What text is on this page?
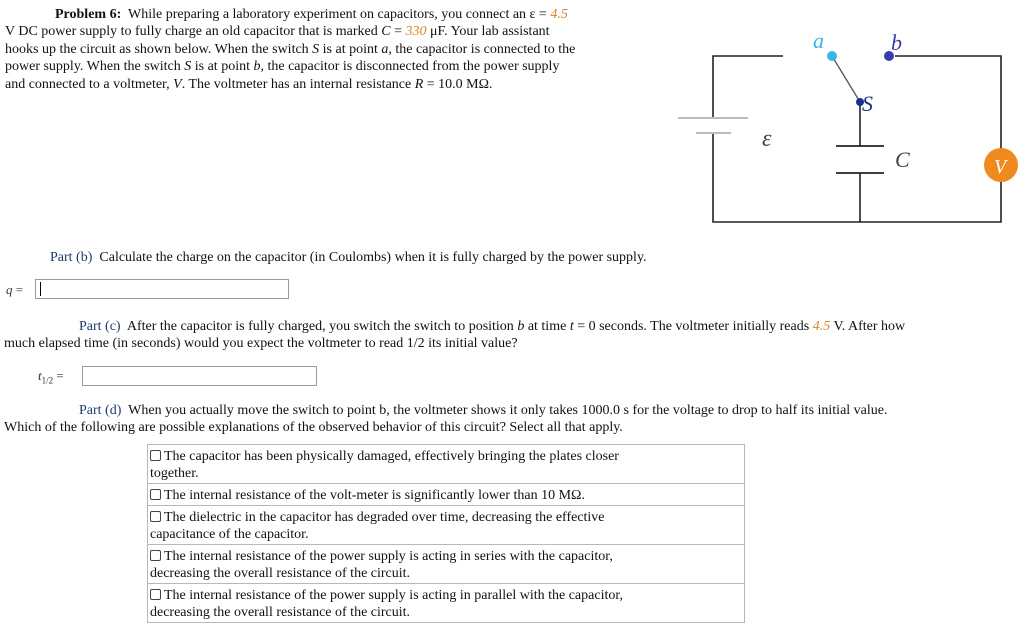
Problem 6: While preparing a laboratory experiment on capacitors, you connect an ε = 4.5
V DC power supply to fully charge an old capacitor that is marked C = 330 μF. Your lab assistant
hooks up the circuit as shown below. When the switch S is at point a, the capacitor is connected to the
power supply. When the switch S is at point b, the capacitor is disconnected from the power supply
and connected to a voltmeter, V. The voltmeter has an internal resistance R = 10.0 MΩ.
a	b
S
ε
C	V
Part (b) Calculate the charge on the capacitor (in Coulombs) when it is fully charged by the power supply.
q =
Part (c) After the capacitor is fully charged, you switch the switch to position b at time t = 0 seconds. The voltmeter initially reads 4.5 V. After how
much elapsed time (in seconds) would you expect the voltmeter to read 1/2 its initial value?
$t_{1/2}$ =
Part (d) When you actually move the switch to point b, the voltmeter shows it only takes 1000.0 s for the voltage to drop to half its initial value.
Which of the following are possible explanations of the observed behavior of this circuit? Select all that apply.
The capacitor has been physically damaged, effectively bringing the plates closer
together.
The internal resistance of the volt-meter is significantly lower than 10 MΩ.
The dielectric in the capacitor has degraded over time, decreasing the effective
capacitance of the capacitor.
The internal resistance of the power supply is acting in series with the capacitor,
decreasing the overall resistance of the circuit.
The internal resistance of the power supply is acting in parallel with the capacitor,
decreasing the overall resistance of the circuit.
